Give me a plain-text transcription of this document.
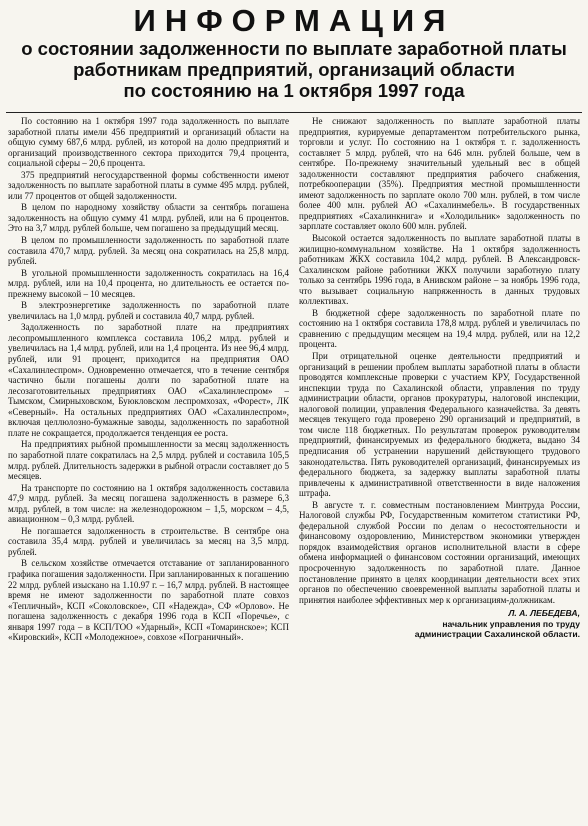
ИНФОРМАЦИЯ
о состоянии задолженности по выплате заработной платы
работникам предприятий, организаций области
по состоянию на 1 октября 1997 года

По состоянию на 1 октября 1997 года задолженность по выплате заработной платы имели 456 предприятий и организаций области на общую сумму 687,6 млрд. рублей, из которой на долю предприятий и организаций производственного сектора приходится 79,4 процента, социальной сферы – 20,6 процента.

375 предприятий негосударственной формы собственности имеют задолженность по выплате заработной платы в сумме 495 млрд. рублей, или 77 процентов от общей задолженности.

В целом по народному хозяйству области за сентябрь погашена задолженность на общую сумму 41 млрд. рублей, или на 6 процентов. Это на 3,7 млрд. рублей больше, чем погашено за предыдущий месяц.

В целом по промышленности задолженность по заработной плате составила 470,7 млрд. рублей. За месяц она сократилась на 25,8 млрд. рублей.

В угольной промышленности задолженность сократилась на 16,4 млрд. рублей, или на 10,4 процента, но длительность ее остается по-прежнему высокой – 10 месяцев.

В электроэнергетике задолженность по заработной плате увеличилась на 1,0 млрд. рублей и составила 40,7 млрд. рублей.

Задолженность по заработной плате на предприятиях лесопромышленного комплекса составила 106,2 млрд. рублей и увеличилась на 1,4 млрд. рублей, или на 1,4 процента. Из нее 96,4 млрд. рублей, или 91 процент, приходится на предприятия ОАО «Сахалинлеспром». Одновременно отмечается, что в течение сентября частично были погашены долги по заработной плате на лесозаготовительных предприятиях ОАО «Сахалинлеспром» – Тымском, Смирныховском, Буюкловском леспромхозах, «Форест», ЛК «Северный». На остальных предприятиях ОАО «Сахалинлеспром», включая целлюлозно-бумажные заводы, задолженность по заработной плате не сокращается, продолжается тенденция ее роста.

На предприятиях рыбной промышленности за месяц задолженность по заработной плате сократилась на 2,5 млрд. рублей и составила 105,5 млрд. рублей. Длительность задержки в рыбной отрасли составляет до 5 месяцев.

На транспорте по состоянию на 1 октября задолженность составила 47,9 млрд. рублей. За месяц погашена задолженность в размере 6,3 млрд. рублей, в том числе: на железнодорожном – 1,5, морском – 4,5, авиационном – 0,3 млрд. рублей.

Не погашается задолженность в строительстве. В сентябре она составила 35,4 млрд. рублей и увеличилась за месяц на 3,5 млрд. рублей.

В сельском хозяйстве отмечается отставание от запланированного графика погашения задолженности. При запланированных к погашению 22 млрд. рублей изыскано на 1.10.97 г. – 16,7 млрд. рублей. В настоящее время не имеют задолженности по заработной плате совхоз «Тепличный», КСП «Соколовское», СП «Надежда», СФ «Орлово». Не погашена задолженность с декабря 1996 года в КСП «Поречье», с января 1997 года – в КСП/ТОО «Ударный», КСП «Томаринское»; КСП «Кировский», КСП «Молодежное», совхозе «Пограничный».

Не снижают задолженность по выплате заработной платы предприятия, курируемые департаментом потребительского рынка, торговли и услуг. По состоянию на 1 октября т. г. задолженность составляет 5 млрд. рублей, что на 646 млн. рублей больше, чем в сентябре. По-прежнему значительный удельный вес в общей задолженности составляют предприятия рабочего снабжения, потребкооперации (35%). Предприятия местной промышленности имеют задолженность по зарплате около 700 млн. рублей, в том числе более 400 млн. рублей АО «Сахалинмебель». В государственных предприятиях «Сахалинкнига» и «Холодильник» задолженность по зарплате составляет около 600 млн. рублей.

Высокой остается задолженность по выплате заработной платы в жилищно-коммунальном хозяйстве. На 1 октября задолженность работникам ЖКХ составила 104,2 млрд. рублей. В Александровск-Сахалинском районе работники ЖКХ получили заработную плату только за сентябрь 1996 года, в Анивском районе – за ноябрь 1996 года, что вызывает социальную напряженность в данных трудовых коллективах.

В бюджетной сфере задолженность по заработной плате по состоянию на 1 октября составила 178,8 млрд. рублей и увеличилась по сравнению с предыдущим месяцем на 19,4 млрд. рублей, или на 12,2 процента.

При отрицательной оценке деятельности предприятий и организаций в решении проблем выплаты заработной платы в области проводятся комплексные проверки с участием КРУ, Государственной инспекции труда по Сахалинской области, управления по труду администрации области, органов прокуратуры, налоговой инспекции, налоговой полиции, управления Федерального казначейства. За девять месяцев текущего года проверено 290 организаций и предприятий, в том числе 118 бюджетных. По результатам проверок руководителям предприятий, финансируемых из федерального бюджета, выдано 34 предписания об устранении нарушений действующего трудового законодательства. Пять руководителей организаций, финансируемых из федерального бюджета, за задержку выплаты заработной платы привлечены к административной ответственности в виде наложения штрафа.

В августе т. г. совместным постановлением Минтруда России, Налоговой службы РФ, Государственным комитетом статистики РФ, федеральной службой России по делам о несостоятельности и финансовому оздоровлению, Министерством экономики утвержден порядок взаимодействия органов исполнительной власти в сфере обмена информацией о финансовом состоянии организаций, имеющих просроченную задолженность по заработной плате. Данное постановление принято в целях координации деятельности всех этих органов по обеспечению своевременной выплаты заработной платы и принятия наиболее эффективных мер к организациям-должникам.

Л. А. ЛЕБЕДЕВА,
начальник управления по труду
администрации Сахалинской области.
